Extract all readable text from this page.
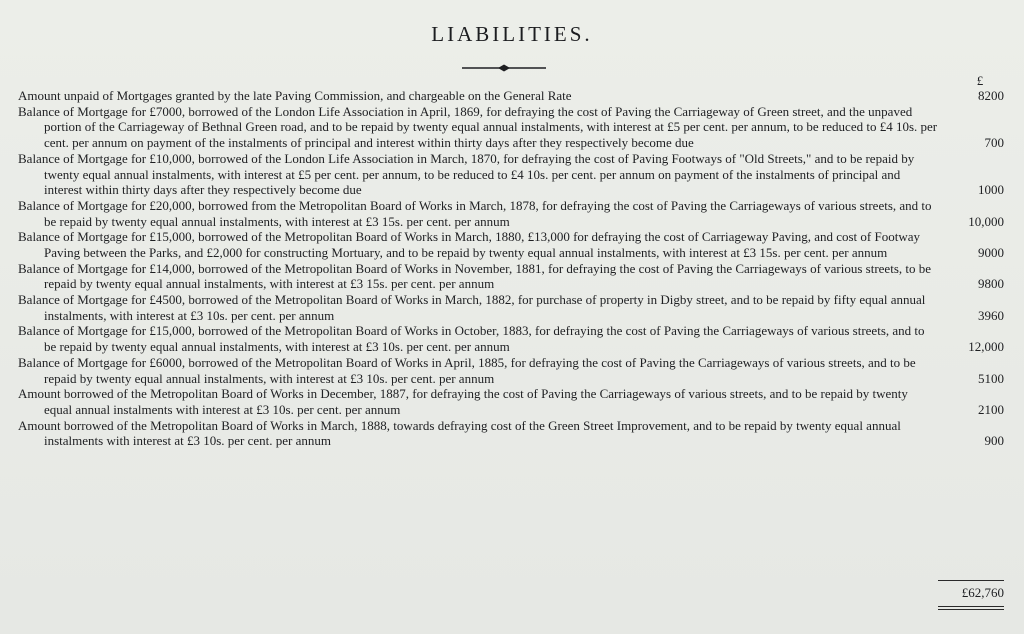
LIABILITIES.
£
Amount unpaid of Mortgages granted by the late Paving Commission, and chargeable on the General Rate .....	8200
Balance of Mortgage for £7000, borrowed of the London Life Association in April, 1869, for defraying the cost of Paving the Carriageway of Green street, and the unpaved portion of the Carriageway of Bethnal Green road, and to be repaid by twenty equal annual instalments, with interest at £5 per cent. per annum, to be reduced to £4 10s. per cent. per annum on payment of the instalments of principal and interest within thirty days after they respectively become due .....	700
Balance of Mortgage for £10,000, borrowed of the London Life Association in March, 1870, for defraying the cost of Paving Footways of "Old Streets," and to be repaid by twenty equal annual instalments, with interest at £5 per cent. per annum, to be reduced to £4 10s. per cent. per annum on payment of the instalments of principal and interest within thirty days after they respectively become due .....	1000
Balance of Mortgage for £20,000, borrowed from the Metropolitan Board of Works in March, 1878, for defraying the cost of Paving the Carriageways of various streets, and to be repaid by twenty equal annual instalments, with interest at £3 15s. per cent. per annum .....	10,000
Balance of Mortgage for £15,000, borrowed of the Metropolitan Board of Works in March, 1880, £13,000 for defraying the cost of Carriageway Paving, and cost of Footway Paving between the Parks, and £2,000 for constructing Mortuary, and to be repaid by twenty equal annual instalments, with interest at £3 15s. per cent. per annum .....	9000
Balance of Mortgage for £14,000, borrowed of the Metropolitan Board of Works in November, 1881, for defraying the cost of Paving the Carriageways of various streets, to be repaid by twenty equal annual instalments, with interest at £3 15s. per cent. per annum .....	9800
Balance of Mortgage for £4500, borrowed of the Metropolitan Board of Works in March, 1882, for purchase of property in Digby street, and to be repaid by fifty equal annual instalments, with interest at £3 10s. per cent. per annum .....	3960
Balance of Mortgage for £15,000, borrowed of the Metropolitan Board of Works in October, 1883, for defraying the cost of Paving the Carriageways of various streets, and to be repaid by twenty equal annual instalments, with interest at £3 10s. per cent. per annum .....	12,000
Balance of Mortgage for £6000, borrowed of the Metropolitan Board of Works in April, 1885, for defraying the cost of Paving the Carriageways of various streets, and to be repaid by twenty equal annual instalments, with interest at £3 10s. per cent. per annum .....	5100
Amount borrowed of the Metropolitan Board of Works in December, 1887, for defraying the cost of Paving the Carriageways of various streets, and to be repaid by twenty equal annual instalments with interest at £3 10s. per cent. per annum .....	2100
Amount borrowed of the Metropolitan Board of Works in March, 1888, towards defraying cost of the Green Street Improvement, and to be repaid by twenty equal annual instalments with interest at £3 10s. per cent. per annum .....	900
£62,760
